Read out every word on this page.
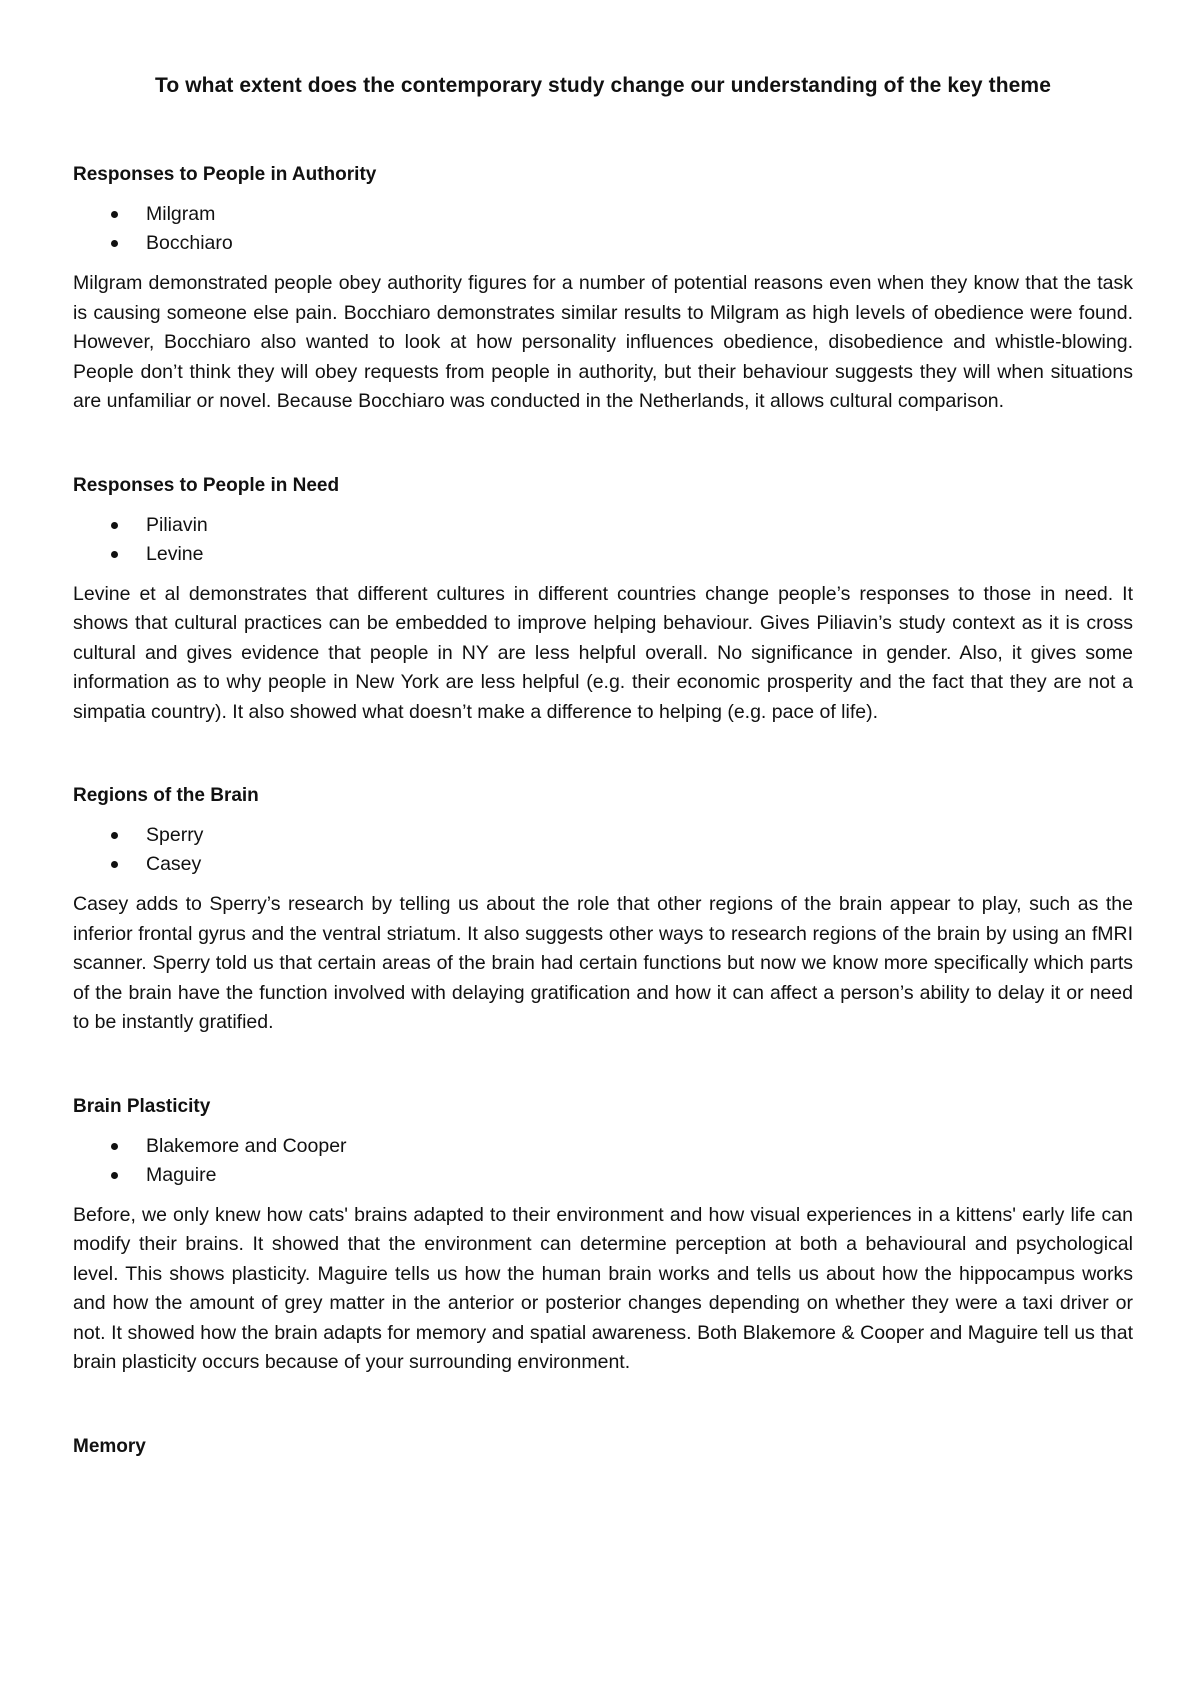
To what extent does the contemporary study change our understanding of the key theme
Responses to People in Authority
Milgram
Bocchiaro

Milgram demonstrated people obey authority figures for a number of potential reasons even when they know that the task is causing someone else pain. Bocchiaro demonstrates similar results to Milgram as high levels of obedience were found. However, Bocchiaro also wanted to look at how personality influences obedience, disobedience and whistle-blowing. People don’t think they will obey requests from people in authority, but their behaviour suggests they will when situations are unfamiliar or novel. Because Bocchiaro was conducted in the Netherlands, it allows cultural comparison.

Responses to People in Need
Piliavin
Levine

Levine et al demonstrates that different cultures in different countries change people’s responses to those in need. It shows that cultural practices can be embedded to improve helping behaviour. Gives Piliavin’s study context as it is cross cultural and gives evidence that people in NY are less helpful overall. No significance in gender. Also, it gives some information as to why people in New York are less helpful (e.g. their economic prosperity and the fact that they are not a simpatia country). It also showed what doesn’t make a difference to helping (e.g. pace of life).

Regions of the Brain
Sperry
Casey

Casey adds to Sperry’s research by telling us about the role that other regions of the brain appear to play, such as the inferior frontal gyrus and the ventral striatum. It also suggests other ways to research regions of the brain by using an fMRI scanner. Sperry told us that certain areas of the brain had certain functions but now we know more specifically which parts of the brain have the function involved with delaying gratification and how it can affect a person’s ability to delay it or need to be instantly gratified.

Brain Plasticity
Blakemore and Cooper
Maguire

Before, we only knew how cats' brains adapted to their environment and how visual experiences in a kittens' early life can modify their brains. It showed that the environment can determine perception at both a behavioural and psychological level. This shows plasticity. Maguire tells us how the human brain works and tells us about how the hippocampus works and how the amount of grey matter in the anterior or posterior changes depending on whether they were a taxi driver or not. It showed how the brain adapts for memory and spatial awareness. Both Blakemore & Cooper and Maguire tell us that brain plasticity occurs because of your surrounding environment.

Memory
